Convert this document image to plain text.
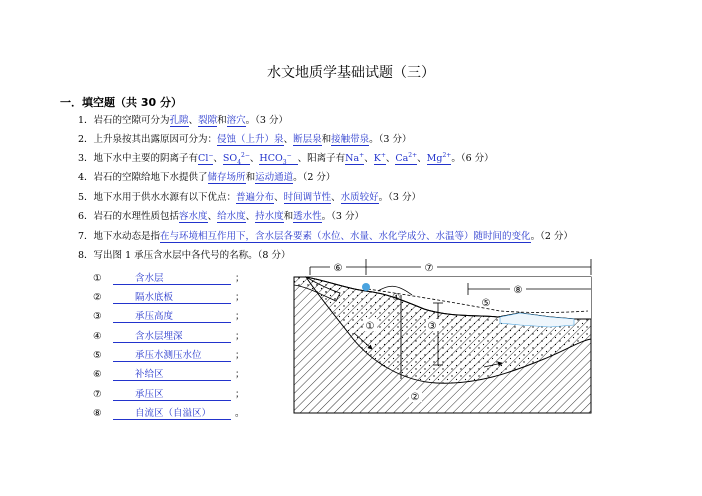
水文地质学基础试题（三）
一．填空题（共 30 分）
1．岩石的空隙可分为孔隙、裂隙和溶穴。（3 分）
2．上升泉按其出露原因可分为：侵蚀（上升）泉、断层泉和接触带泉。（3 分）
3．地下水中主要的阴离子有Cl−、$SO_4^{2-}$、$HCO_3^-$ 、阳离子有Na+、K+、$Ca^{2+}$、$Mg^{2+}$。（6 分）
4．岩石的空隙给地下水提供了储存场所和运动通道。（2 分）
5．地下水用于供水水源有以下优点：普遍分布、时间调节性、水质较好。（3 分）
6．岩石的水理性质包括容水度、给水度、持水度和透水性。（3 分）
7．地下水动态是指在与环境相互作用下，含水层各要素（水位、水量、水化学成分、水温等）随时间的变化。（2 分）
8．写出图 1 承压含水层中各代号的名称。（8 分）
①	含水层	；
②	隔水底板	；
③	承压高度	；
④	含水层埋深	；
⑤	承压水测压水位	；
⑥	补给区	；
⑦	承压区	；
⑧	自流区（自溢区）	。
⑥	⑦
⑧
⑤
④
③
①
②
